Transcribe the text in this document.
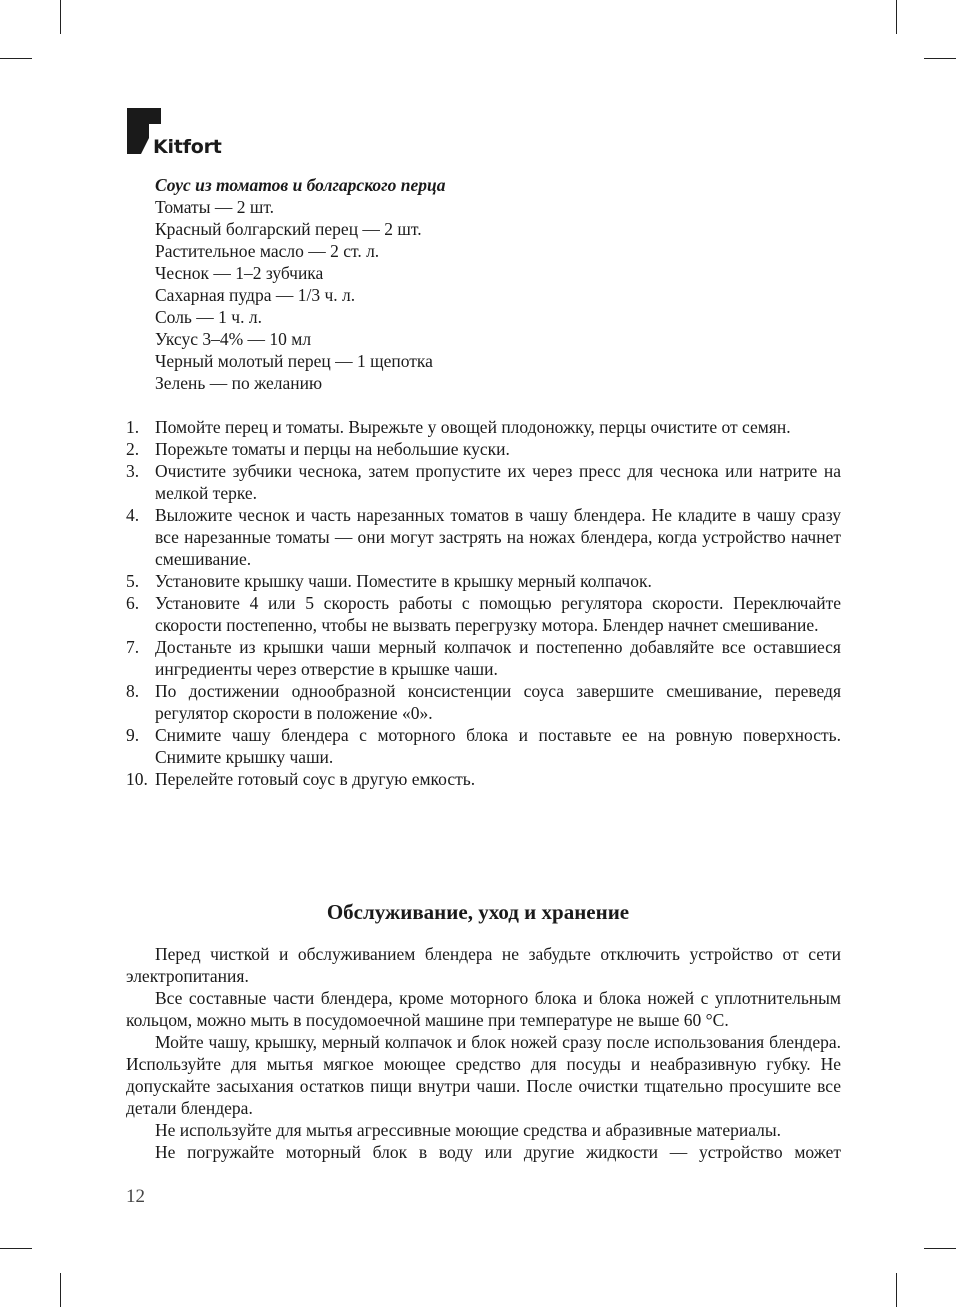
Kitfort
Соус из томатов и болгарского перца
Томаты — 2 шт.
Красный болгарский перец — 2 шт.
Растительное масло — 2 ст. л.
Чеснок — 1–2 зубчика
Сахарная пудра — 1/3 ч. л.
Соль — 1 ч. л.
Уксус 3–4% — 10 мл
Черный молотый перец — 1 щепотка
Зелень — по желанию
1. Помойте перец и томаты. Вырежьте у овощей плодоножку, перцы очистите от семян.
2. Порежьте томаты и перцы на небольшие куски.
3. Очистите зубчики чеснока, затем пропустите их через пресс для чеснока или натрите на мелкой терке.
4. Выложите чеснок и часть нарезанных томатов в чашу блендера. Не кладите в чашу сразу все нарезанные томаты — они могут застрять на ножах блендера, когда устройство начнет смешивание.
5. Установите крышку чаши. Поместите в крышку мерный колпачок.
6. Установите 4 или 5 скорость работы с помощью регулятора скорости. Переключайте скорости постепенно, чтобы не вызвать перегрузку мотора. Блендер начнет смешивание.
7. Достаньте из крышки чаши мерный колпачок и постепенно добавляйте все оставшиеся ингредиенты через отверстие в крышке чаши.
8. По достижении однообразной консистенции соуса завершите смешивание, переведя регулятор скорости в положение «0».
9. Снимите чашу блендера с моторного блока и поставьте ее на ровную поверхность. Снимите крышку чаши.
10. Перелейте готовый соус в другую емкость.
Обслуживание, уход и хранение

Перед чисткой и обслуживанием блендера не забудьте отключить устройство от сети электропитания.

Все составные части блендера, кроме моторного блока и блока ножей с уплотнительным кольцом, можно мыть в посудомоечной машине при температуре не выше 60 °С.

Мойте чашу, крышку, мерный колпачок и блок ножей сразу после использования блендера. Используйте для мытья мягкое моющее средство для посуды и неабразивную губку. Не допускайте засыхания остатков пищи внутри чаши. После очистки тщательно просушите все детали блендера.

Не используйте для мытья агрессивные моющие средства и абразивные материалы.

Не погружайте моторный блок в воду или другие жидкости — устройство может

12
